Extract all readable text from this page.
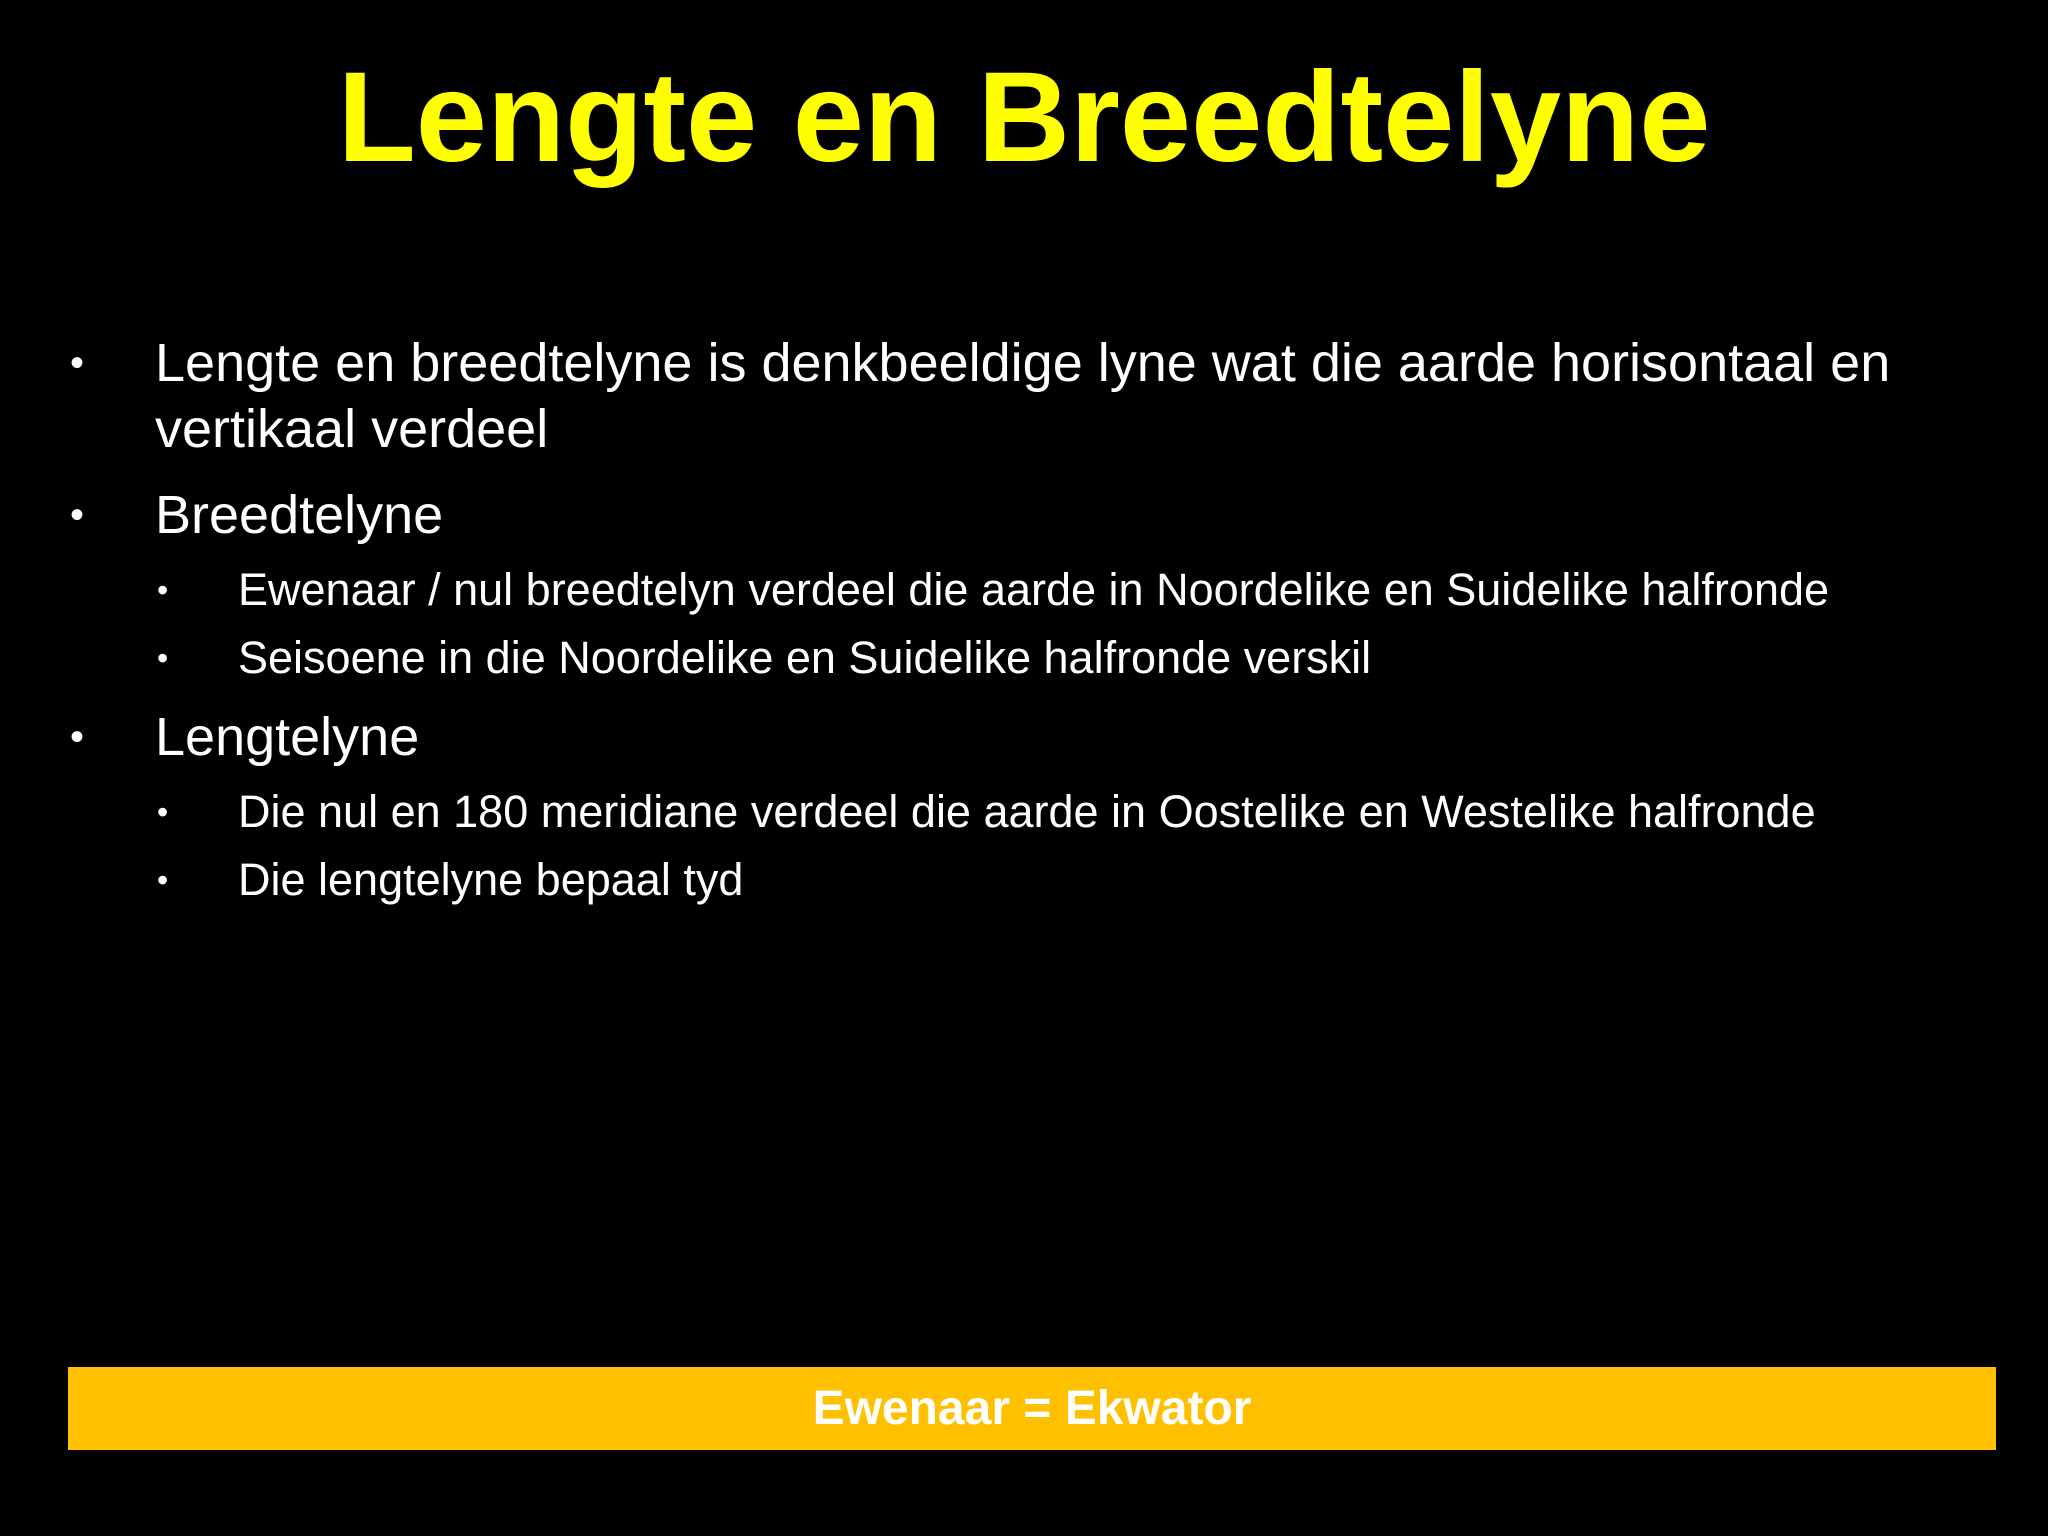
Lengte en Breedtelyne
• Lengte en breedtelyne is denkbeeldige lyne wat die aarde horisontaal en vertikaal verdeel
• Breedtelyne
• Ewenaar / nul breedtelyn verdeel die aarde in Noordelike en Suidelike halfronde
• Seisoene in die Noordelike en Suidelike halfronde verskil
• Lengtelyne
• Die nul en 180 meridiane verdeel die aarde in Oostelike en Westelike halfronde
• Die lengtelyne bepaal tyd
Ewenaar = Ekwator
